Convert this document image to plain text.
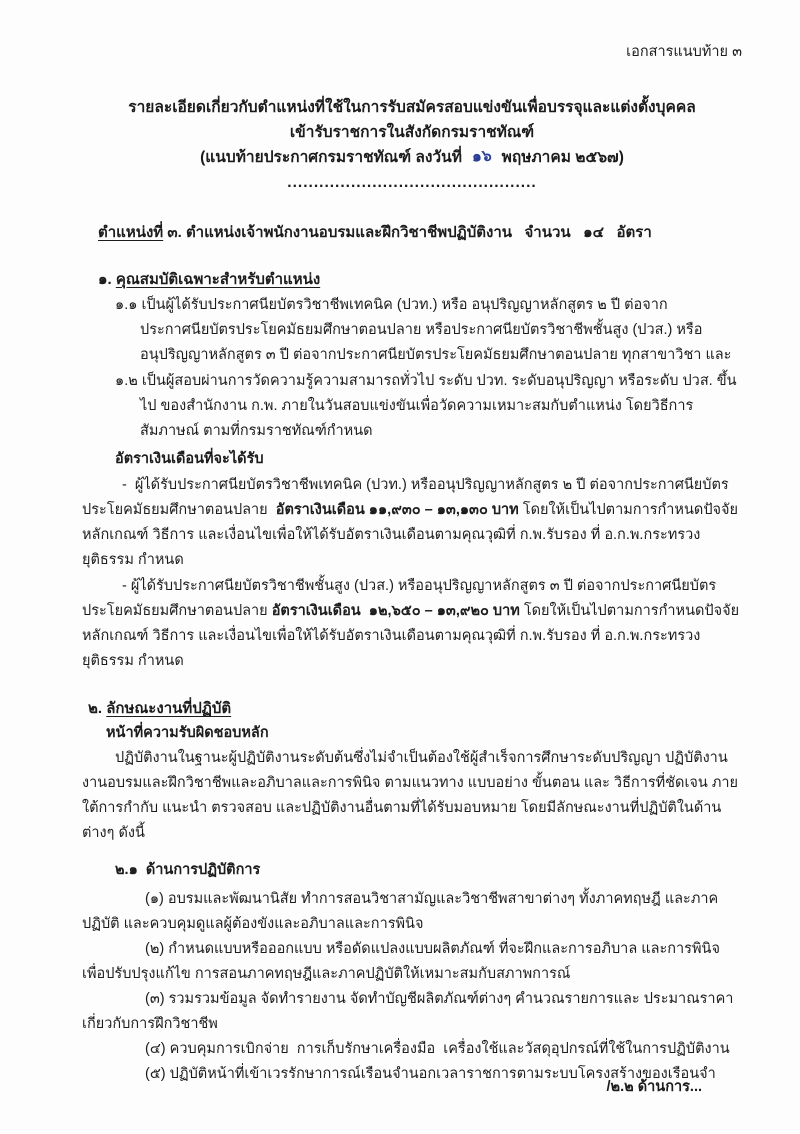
เอกสารแนบท้าย ๓

รายละเอียดเกี่ยวกับตำแหน่งที่ใช้ในการรับสมัครสอบแข่งขันเพื่อบรรจุและแต่งตั้งบุคคล

เข้ารับราชการในสังกัดกรมราชทัณฑ์

(แนบท้ายประกาศกรมราชทัณฑ์ ลงวันที่ ๑๖ พฤษภาคม ๒๕๖๗)

...............................................

ตำแหน่งที่ ๓. ตำแหน่งเจ้าพนักงานอบรมและฝึกวิชาชีพปฏิบัติงาน   จำนวน   ๑๔   อัตรา

๑. คุณสมบัติเฉพาะสำหรับตำแหน่ง

๑.๑ เป็นผู้ได้รับประกาศนียบัตรวิชาชีพเทคนิค (ปวท.) หรือ อนุปริญญาหลักสูตร ๒ ปี ต่อจากประกาศนียบัตรประโยคมัธยมศึกษาตอนปลาย หรือประกาศนียบัตรวิชาชีพชั้นสูง (ปวส.) หรืออนุปริญญาหลักสูตร ๓ ปี ต่อจากประกาศนียบัตรประโยคมัธยมศึกษาตอนปลาย ทุกสาขาวิชา และ

๑.๒ เป็นผู้สอบผ่านการวัดความรู้ความสามารถทั่วไป ระดับ ปวท. ระดับอนุปริญญา หรือระดับ ปวส. ขึ้นไป ของสำนักงาน ก.พ. ภายในวันสอบแข่งขันเพื่อวัดความเหมาะสมกับตำแหน่ง โดยวิธีการสัมภาษณ์ ตามที่กรมราชทัณฑ์กำหนด

อัตราเงินเดือนที่จะได้รับ

-  ผู้ได้รับประกาศนียบัตรวิชาชีพเทคนิค (ปวท.) หรืออนุปริญญาหลักสูตร ๒ ปี ต่อจากประกาศนียบัตรประโยคมัธยมศึกษาตอนปลาย  อัตราเงินเดือน ๑๑,๙๓๐ – ๑๓,๑๓๐ บาท โดยให้เป็นไปตามการกำหนดปัจจัย หลักเกณฑ์ วิธีการ และเงื่อนไขเพื่อให้ได้รับอัตราเงินเดือนตามคุณวุฒิที่ ก.พ.รับรอง ที่ อ.ก.พ.กระทรวงยุติธรรม กำหนด

- ผู้ได้รับประกาศนียบัตรวิชาชีพชั้นสูง (ปวส.) หรืออนุปริญญาหลักสูตร ๓ ปี ต่อจากประกาศนียบัตรประโยคมัธยมศึกษาตอนปลาย อัตราเงินเดือน  ๑๒,๖๕๐ – ๑๓,๙๒๐ บาท โดยให้เป็นไปตามการกำหนดปัจจัย หลักเกณฑ์ วิธีการ และเงื่อนไขเพื่อให้ได้รับอัตราเงินเดือนตามคุณวุฒิที่ ก.พ.รับรอง ที่ อ.ก.พ.กระทรวงยุติธรรม กำหนด

๒. ลักษณะงานที่ปฏิบัติ

หน้าที่ความรับผิดชอบหลัก

ปฏิบัติงานในฐานะผู้ปฏิบัติงานระดับต้นซึ่งไม่จำเป็นต้องใช้ผู้สำเร็จการศึกษาระดับปริญญา ปฏิบัติงานงานอบรมและฝึกวิชาชีพและอภิบาลและการพินิจ ตามแนวทาง แบบอย่าง ขั้นตอน และ วิธีการที่ชัดเจน ภายใต้การกำกับ แนะนำ ตรวจสอบ และปฏิบัติงานอื่นตามที่ได้รับมอบหมาย โดยมีลักษณะงานที่ปฏิบัติในด้านต่างๆ ดังนี้

๒.๑  ด้านการปฏิบัติการ

(๑) อบรมและพัฒนานิสัย ทำการสอนวิชาสามัญและวิชาชีพสาขาต่างๆ ทั้งภาคทฤษฎี และภาคปฏิบัติ และควบคุมดูแลผู้ต้องขังและอภิบาลและการพินิจ

(๒) กำหนดแบบหรือออกแบบ หรือดัดแปลงแบบผลิตภัณฑ์ ที่จะฝึกและการอภิบาล และการพินิจ เพื่อปรับปรุงแก้ไข การสอนภาคทฤษฎีและภาคปฏิบัติให้เหมาะสมกับสภาพการณ์

(๓) รวมรวมข้อมูล จัดทำรายงาน จัดทำบัญชีผลิตภัณฑ์ต่างๆ คำนวณรายการและ ประมาณราคา เกี่ยวกับการฝึกวิชาชีพ

(๔) ควบคุมการเบิกจ่าย  การเก็บรักษาเครื่องมือ  เครื่องใช้และวัสดุอุปกรณ์ที่ใช้ในการปฏิบัติงาน

(๕) ปฏิบัติหน้าที่เข้าเวรรักษาการณ์เรือนจำนอกเวลาราชการตามระบบโครงสร้างของเรือนจำ

/๒.๒ ด้านการ...
